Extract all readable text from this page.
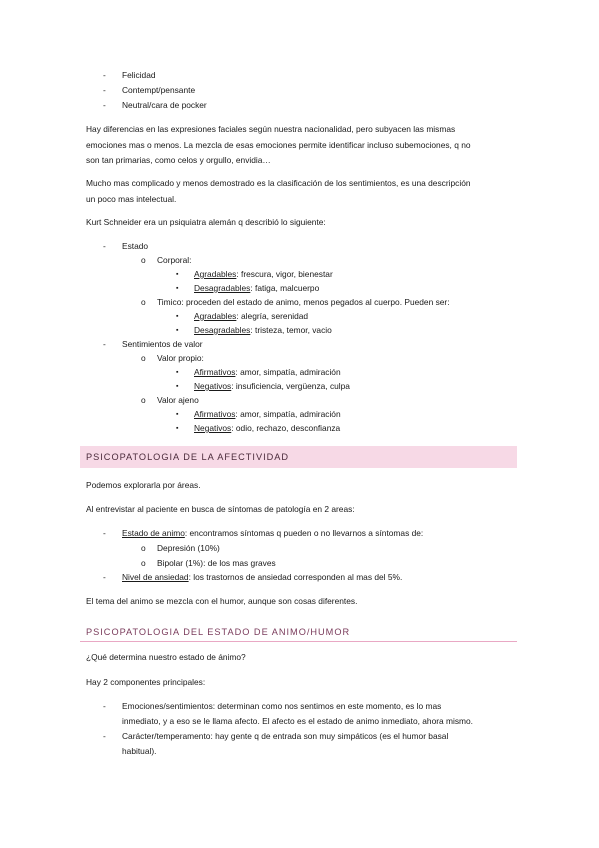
- Felicidad
- Contempt/pensante
- Neutral/cara de pocker
Hay diferencias en las expresiones faciales según nuestra nacionalidad, pero subyacen las mismas
emociones mas o menos. La mezcla de esas emociones permite identificar incluso subemociones, q no
son tan primarias, como celos y orgullo, envidia…
Mucho mas complicado y menos demostrado es la clasificación de los sentimientos, es una descripción
un poco mas intelectual.
Kurt Schneider era un psiquiatra alemán q describió lo siguiente:
- Estado
o Corporal:
▪ Agradables: frescura, vigor, bienestar
▪ Desagradables: fatiga, malcuerpo
o Timico: proceden del estado de animo, menos pegados al cuerpo. Pueden ser:
▪ Agradables: alegría, serenidad
▪ Desagradables: tristeza, temor, vacio
- Sentimientos de valor
o Valor propio:
▪ Afirmativos: amor, simpatía, admiración
▪ Negativos: insuficiencia, vergüenza, culpa
o Valor ajeno
▪ Afirmativos: amor, simpatía, admiración
▪ Negativos: odio, rechazo, desconfianza
PSICOPATOLOGIA DE LA AFECTIVIDAD
Podemos explorarla por áreas.
Al entrevistar al paciente en busca de síntomas de patología en 2 areas:
- Estado de animo: encontramos síntomas q pueden o no llevarnos a síntomas de:
o Depresión (10%)
o Bipolar (1%): de los mas graves
- Nivel de ansiedad: los trastornos de ansiedad corresponden al mas del 5%.
El tema del animo se mezcla con el humor, aunque son cosas diferentes.
PSICOPATOLOGIA DEL ESTADO DE ANIMO/HUMOR
¿Qué determina nuestro estado de ánimo?
Hay 2 componentes principales:
- Emociones/sentimientos: determinan como nos sentimos en este momento, es lo mas
inmediato, y a eso se le llama afecto. El afecto es el estado de animo inmediato, ahora mismo.
- Carácter/temperamento: hay gente q de entrada son muy simpáticos (es el humor basal
habitual).
